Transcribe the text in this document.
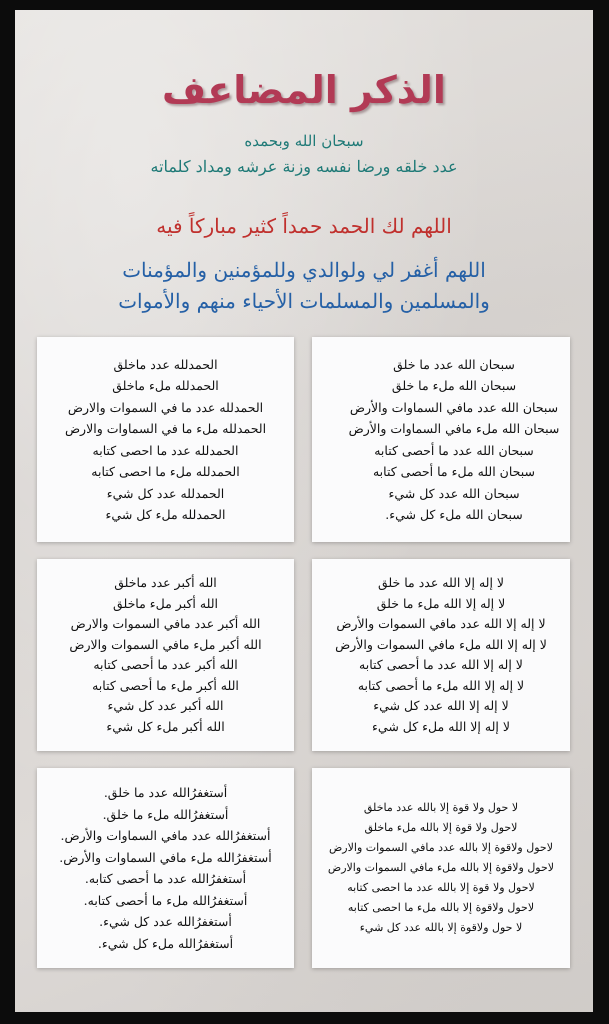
الذكر المضاعف
سبحان الله وبحمده
عدد خلقه ورضا نفسه وزنة عرشه ومداد كلماته
اللهم لك الحمد حمداً كثير مباركاً فيه
اللهم أغفر لي ولوالدي وللمؤمنين والمؤمنات
والمسلمين والمسلمات الأحياء منهم والأموات
سبحان الله عدد ما خلق
سبحان الله ملء ما خلق
سبحان الله عدد مافي السماوات والأرض
سبحان الله ملء مافي السماوات والأرض
سبحان الله عدد ما أحصى كتابه
سبحان الله ملء ما أحصى كتابه
سبحان الله عدد كل شيء
سبحان الله ملء كل شيء.
الحمدلله عدد ماخلق
الحمدلله ملء ماخلق
الحمدلله عدد ما في السموات والارض
الحمدلله ملء ما في السماوات والارض
الحمدلله عدد ما احصى كتابه
الحمدلله ملء ما احصى كتابه
الحمدلله عدد كل شيء
الحمدلله ملء كل شيء
لا إله إلا الله عدد ما خلق
لا إله إلا الله ملء ما خلق
لا إله إلا الله عدد مافي السموات والأرض
لا إله إلا الله ملء مافي السموات والأرض
لا إله إلا الله عدد ما أحصى كتابه
لا إله إلا الله ملء ما أحصى كتابه
لا إله إلا الله عدد كل شيء
لا إله إلا الله ملء كل شيء
الله أكبر عدد ماخلق
الله أكبر ملء ماخلق
الله أكبر عدد مافي السموات والارض
الله أكبر ملء مافي السموات والارض
الله أكبر عدد ما أحصى كتابه
الله أكبر ملء ما أحصى كتابه
الله أكبر عدد كل شيء
الله أكبر ملء كل شيء
لا حول ولا قوة إلا بالله عدد ماخلق
لاحول ولا قوة إلا بالله ملء ماخلق
لاحول ولاقوة إلا بالله عدد مافي السموات والارض
لاحول ولاقوة إلا بالله ملء مافي السموات والارض
لاحول ولا قوة إلا بالله عدد ما احصى كتابه
لاحول ولاقوة إلا بالله ملء ما احصى كتابه
لا حول ولاقوة إلا بالله عدد كل شيء
أستغفرُالله عدد ما خلق.
أستغفرُالله ملء ما خلق.
أستغفرُالله عدد مافي السماوات والأرض.
أستغفرُالله ملء مافي السماوات والأرض.
أستغفرُالله عدد ما أحصى كتابه.
أستغفرُالله ملء ما أحصى كتابه.
أستغفرُالله عدد كل شيء.
أستغفرُالله ملء كل شيء.
